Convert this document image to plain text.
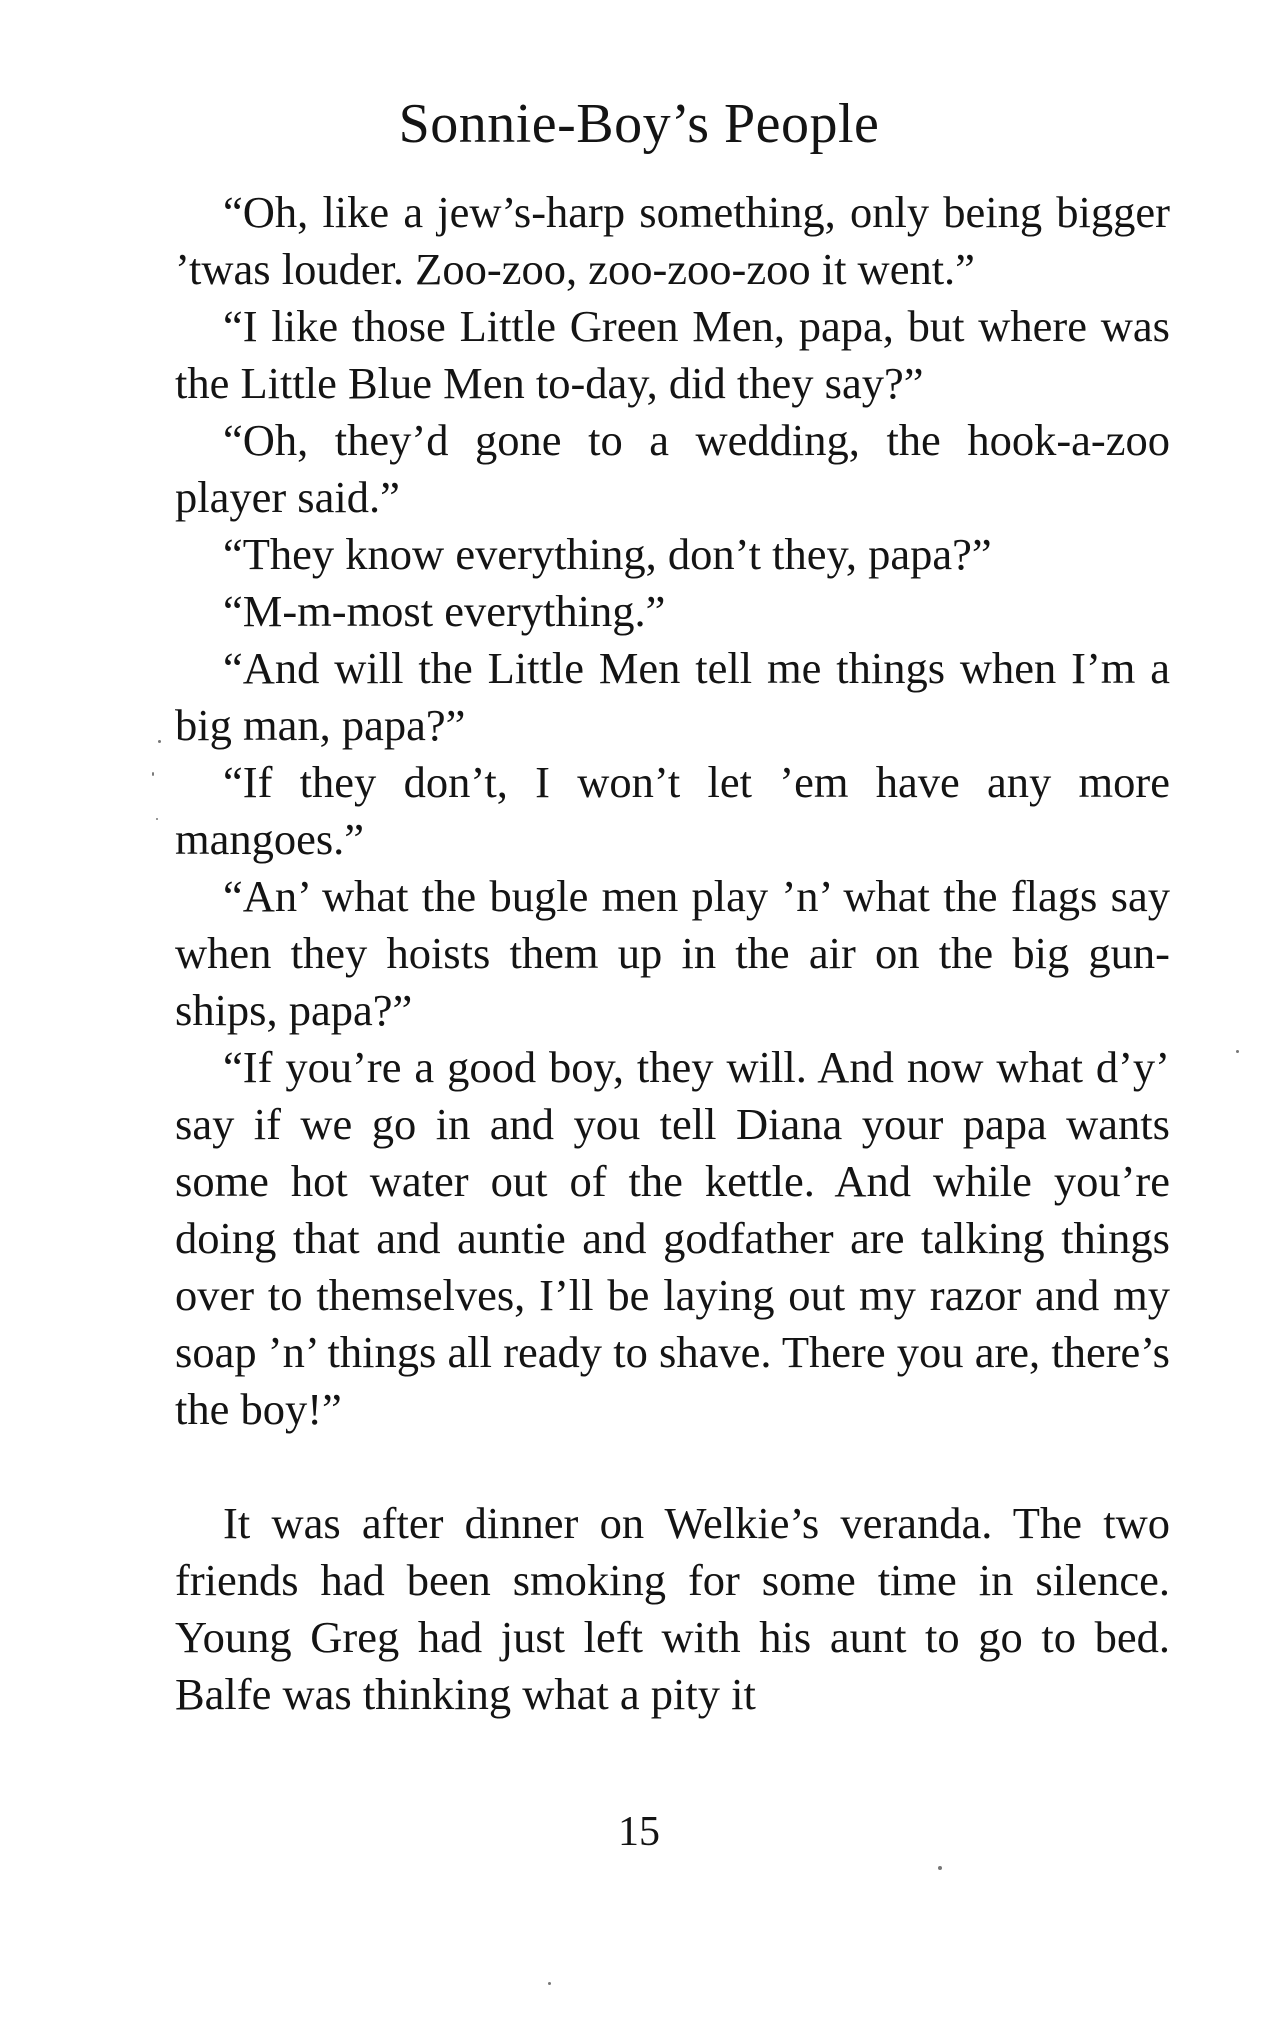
Sonnie-Boy’s People

“Oh, like a jew’s-harp something, only being bigger ’twas louder. Zoo-zoo, zoo-zoo-zoo it went.”

“I like those Little Green Men, papa, but where was the Little Blue Men to-day, did they say?”

“Oh, they’d gone to a wedding, the hook-a-zoo player said.”

“They know everything, don’t they, papa?”

“M-m-most everything.”

“And will the Little Men tell me things when I’m a big man, papa?”

“If they don’t, I won’t let ’em have any more mangoes.”

“An’ what the bugle men play ’n’ what the flags say when they hoists them up in the air on the big gun-ships, papa?”

“If you’re a good boy, they will. And now what d’y’ say if we go in and you tell Diana your papa wants some hot water out of the kettle. And while you’re doing that and auntie and godfather are talking things over to themselves, I’ll be laying out my razor and my soap ’n’ things all ready to shave. There you are, there’s the boy!”

It was after dinner on Welkie’s veranda. The two friends had been smoking for some time in silence. Young Greg had just left with his aunt to go to bed. Balfe was thinking what a pity it

15
